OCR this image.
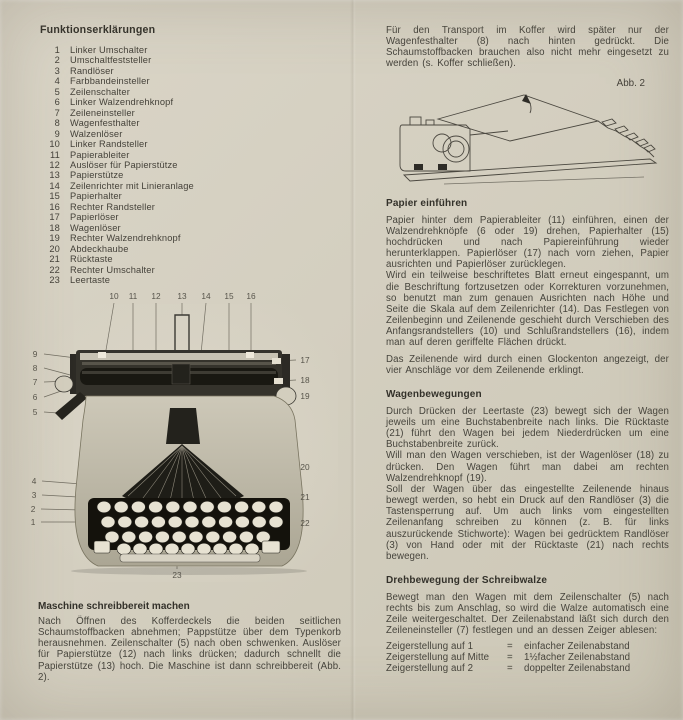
Funktionserklärungen
1 Linker Umschalter
2 Umschaltfeststeller
3 Randlöser
4 Farbbandeinsteller
5 Zeilenschalter
6 Linker Walzendrehknopf
7 Zeileneinsteller
8 Wagenfesthalter
9 Walzenlöser
10 Linker Randsteller
11 Papierableiter
12 Auslöser für Papierstütze
13 Papierstütze
14 Zeilenrichter mit Linieranlage
15 Papierhalter
16 Rechter Randsteller
17 Papierlöser
18 Wagenlöser
19 Rechter Walzendrehknopf
20 Abdeckhaube
21 Rücktaste
22 Rechter Umschalter
23 Leertaste
10 11 12 13 14 15 16
9
8
7
6
5
4
3
2
1
17
18
19
20
21
22
23
Maschine schreibbereit machen

Nach Öffnen des Kofferdeckels die beiden seitlichen Schaumstoffbacken abnehmen; Pappstütze über dem Typenkorb herausnehmen. Zeilenschalter (5) nach oben schwenken. Auslöser für Papierstütze (12) nach links drücken; dadurch schnellt die Papierstütze (13) hoch. Die Maschine ist dann schreibbereit (Abb. 2).

Für den Transport im Koffer wird später nur der Wagenfesthalter (8) nach hinten gedrückt. Die Schaumstoffbacken brauchen also nicht mehr eingesetzt zu werden (s. Koffer schließen).

Abb. 2
Papier einführen

Papier hinter dem Papierableiter (11) einführen, einen der Walzendrehknöpfe (6 oder 19) drehen, Papierhalter (15) hochdrücken und nach Papiereinführung wieder herunterklappen. Papierlöser (17) nach vorn ziehen, Papier ausrichten und Papierlöser zurücklegen.

Wird ein teilweise beschriftetes Blatt erneut eingespannt, um die Beschriftung fortzusetzen oder Korrekturen vorzunehmen, so benutzt man zum genauen Ausrichten nach Höhe und Seite die Skala auf dem Zeilenrichter (14). Das Festlegen von Zeilenbeginn und Zeilenende geschieht durch Verschieben des Anfangsrandstellers (10) und Schlußrandstellers (16), indem man auf deren geriffelte Flächen drückt.

Das Zeilenende wird durch einen Glockenton angezeigt, der vier Anschläge vor dem Zeilenende erklingt.

Wagenbewegungen

Durch Drücken der Leertaste (23) bewegt sich der Wagen jeweils um eine Buchstabenbreite nach links. Die Rücktaste (21) führt den Wagen bei jedem Niederdrücken um eine Buchstabenbreite zurück.

Will man den Wagen verschieben, ist der Wagenlöser (18) zu drücken. Den Wagen führt man dabei am rechten Walzendrehknopf (19).

Soll der Wagen über das eingestellte Zeilenende hinaus bewegt werden, so hebt ein Druck auf den Randlöser (3) die Tastensperrung auf. Um auch links vom eingestellten Zeilenanfang schreiben zu können (z. B. für links auszurückende Stichworte): Wagen bei gedrücktem Randlöser (3) von Hand oder mit der Rücktaste (21) nach rechts bewegen.

Drehbewegung der Schreibwalze

Bewegt man den Wagen mit dem Zeilenschalter (5) nach rechts bis zum Anschlag, so wird die Walze automatisch eine Zeile weitergeschaltet. Der Zeilenabstand läßt sich durch den Zeileneinsteller (7) festlegen und an dessen Zeiger ablesen:

Zeigerstellung auf 1	=	einfacher Zeilenabstand
Zeigerstellung auf Mitte	=	1½facher Zeilenabstand
Zeigerstellung auf 2	=	doppelter Zeilenabstand
